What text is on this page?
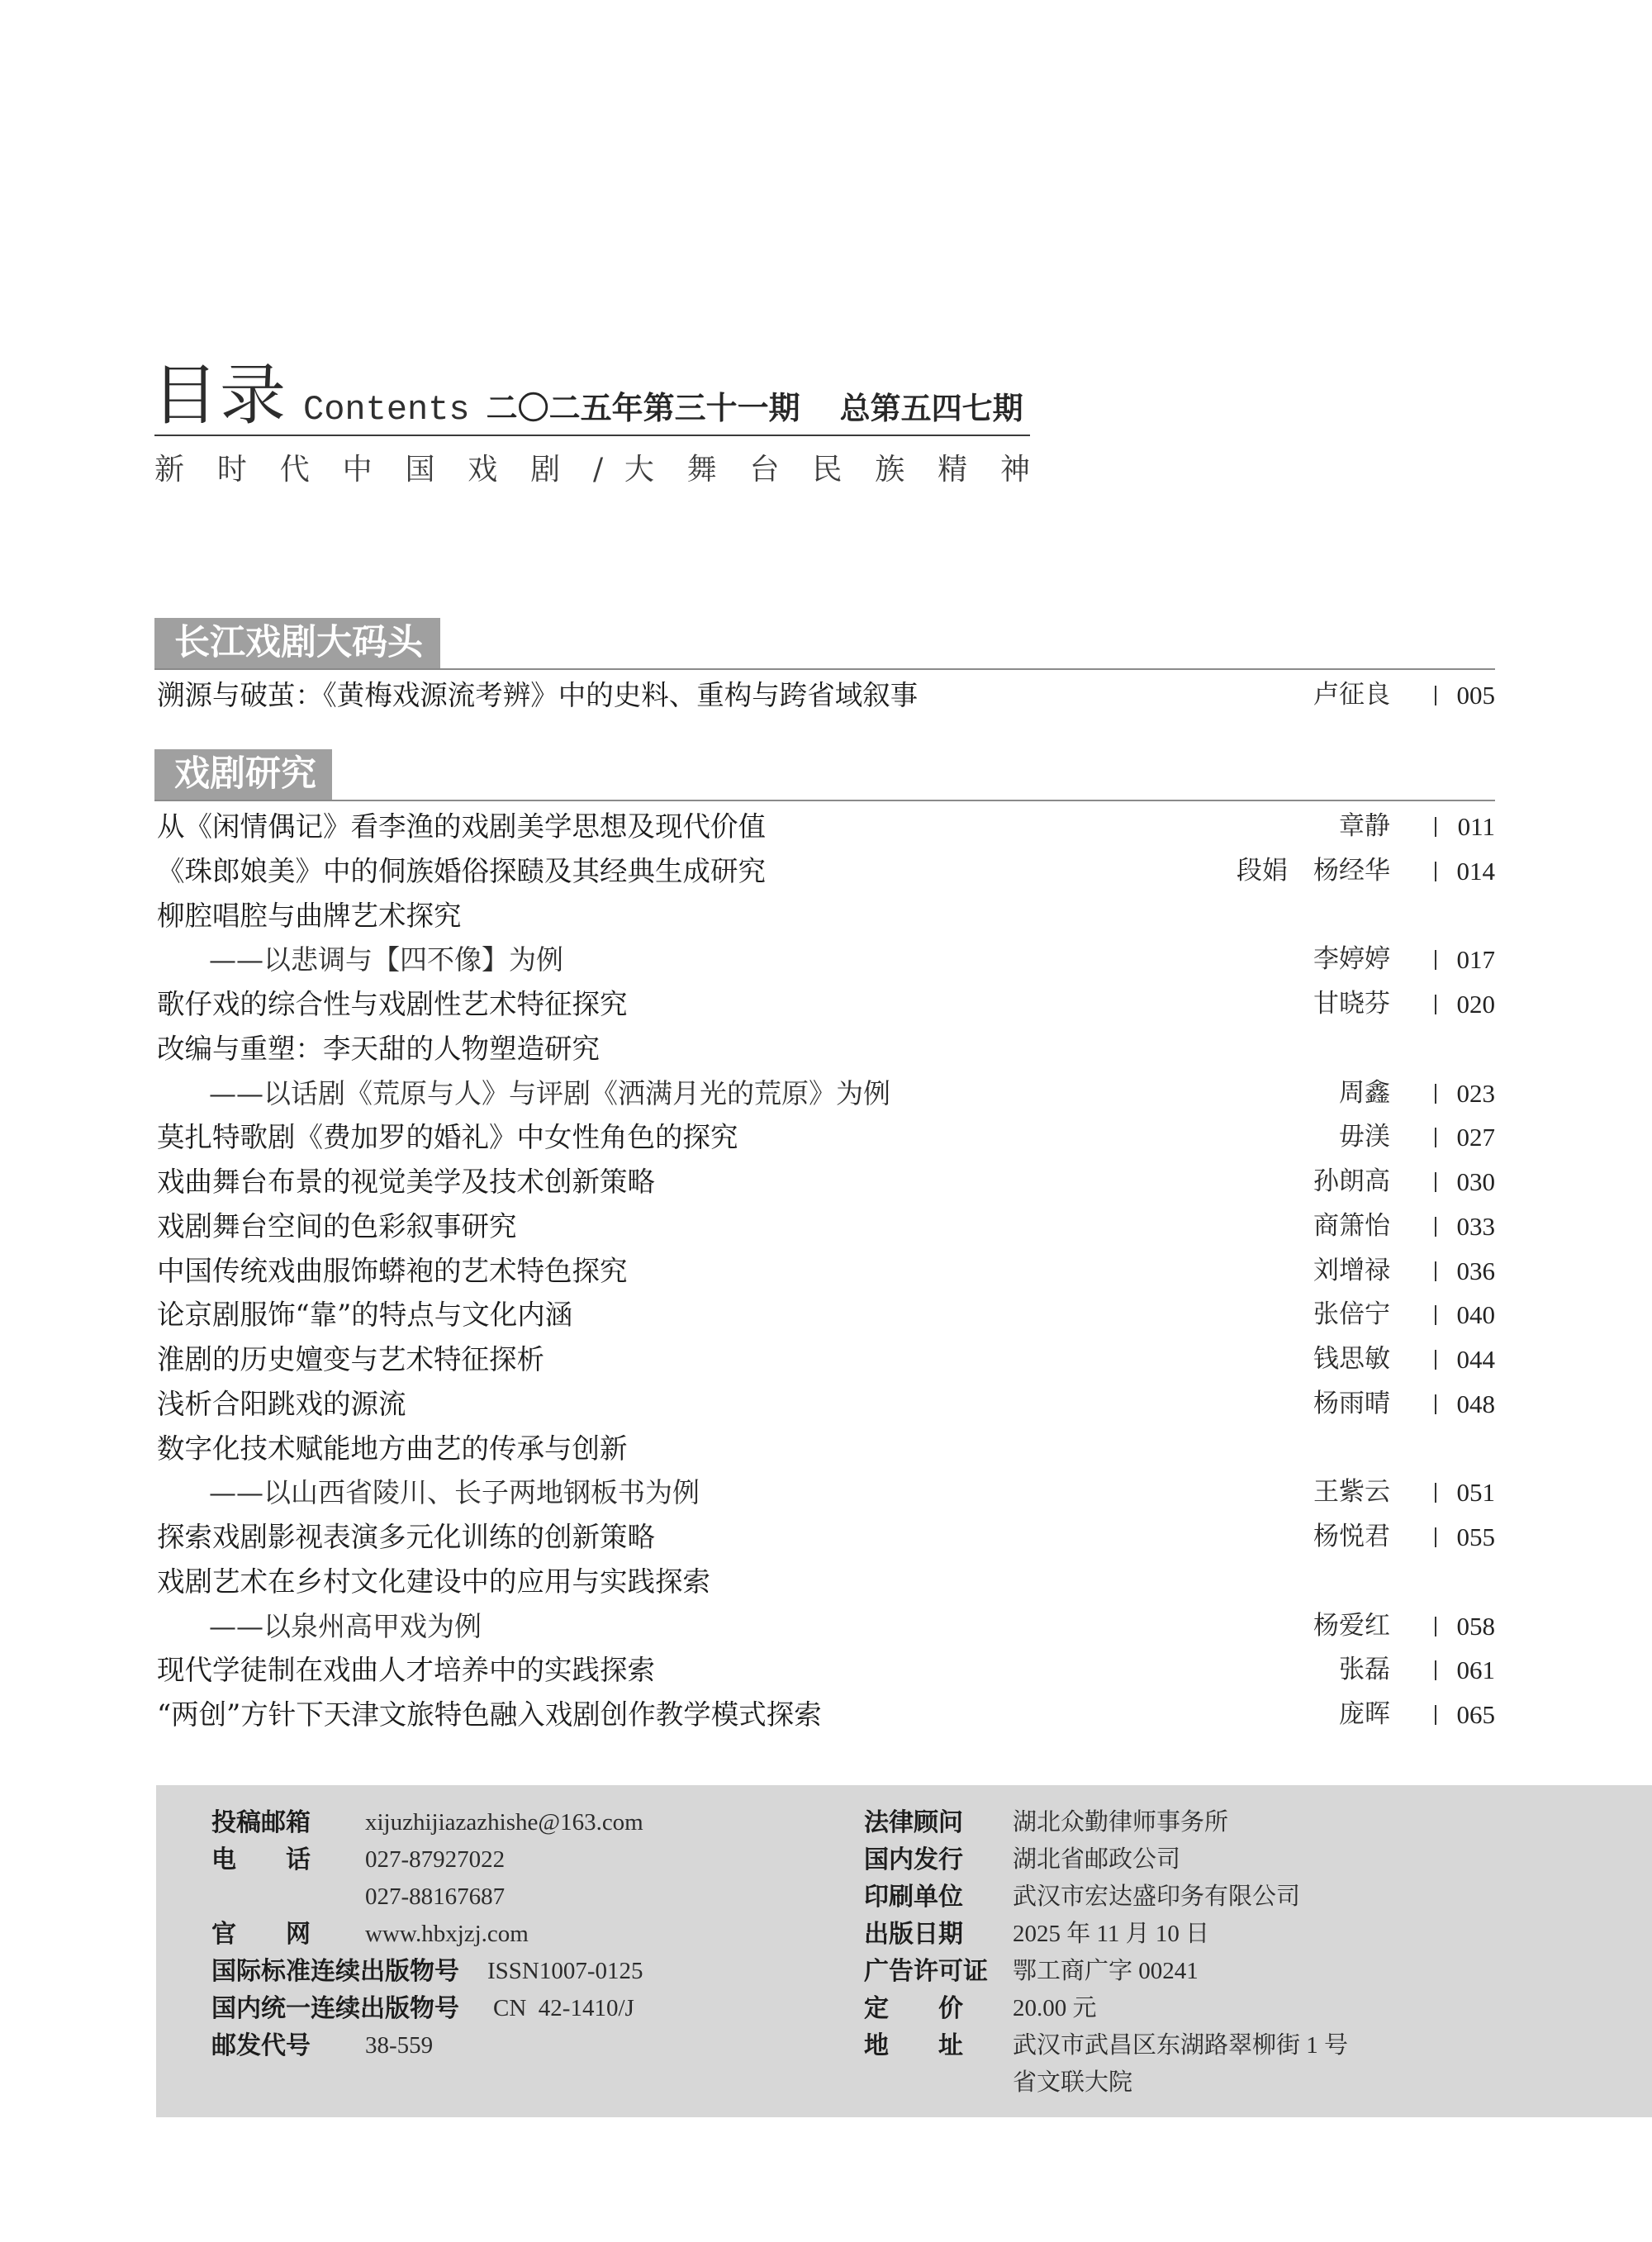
目录 Contents 二〇二五年第三十一期 总第五四七期
新 时 代 中 国 戏 剧 / 大 舞 台 民 族 精 神
长江戏剧大码头
溯源与破茧：《黄梅戏源流考辨》中的史料、重构与跨省域叙事	卢征良	005
戏剧研究
从《闲情偶记》看李渔的戏剧美学思想及现代价值	章静	011
《珠郎娘美》中的侗族婚俗探赜及其经典生成研究	段娟　杨经华	014
柳腔唱腔与曲牌艺术探究
——以悲调与【四不像】为例	李婷婷	017
歌仔戏的综合性与戏剧性艺术特征探究	甘晓芬	020
改编与重塑：李天甜的人物塑造研究
——以话剧《荒原与人》与评剧《洒满月光的荒原》为例	周鑫	023
莫扎特歌剧《费加罗的婚礼》中女性角色的探究	毋渼	027
戏曲舞台布景的视觉美学及技术创新策略	孙朗高	030
戏剧舞台空间的色彩叙事研究	商箫怡	033
中国传统戏曲服饰蟒袍的艺术特色探究	刘增禄	036
论京剧服饰“靠”的特点与文化内涵	张倍宁	040
淮剧的历史嬗变与艺术特征探析	钱思敏	044
浅析合阳跳戏的源流	杨雨晴	048
数字化技术赋能地方曲艺的传承与创新
——以山西省陵川、长子两地钢板书为例	王紫云	051
探索戏剧影视表演多元化训练的创新策略	杨悦君	055
戏剧艺术在乡村文化建设中的应用与实践探索
——以泉州高甲戏为例	杨爱红	058
现代学徒制在戏曲人才培养中的实践探索	张磊	061
“两创”方针下天津文旅特色融入戏剧创作教学模式探索	庞晖	065
投稿邮箱 xijuzhijiazazhishe@163.com	法律顾问 湖北众勤律师事务所
电　　话 027-87927022	国内发行 湖北省邮政公司
027-88167687	印刷单位 武汉市宏达盛印务有限公司
官　　网 www.hbxjzj.com	出版日期 2025 年 11 月 10 日
国际标准连续出版物号 ISSN1007-0125	广告许可证 鄂工商广字 00241
国内统一连续出版物号 CN  42-1410/J	定　　价 20.00 元
邮发代号 38-559	地　　址 武汉市武昌区东湖路翠柳街 1 号
省文联大院
